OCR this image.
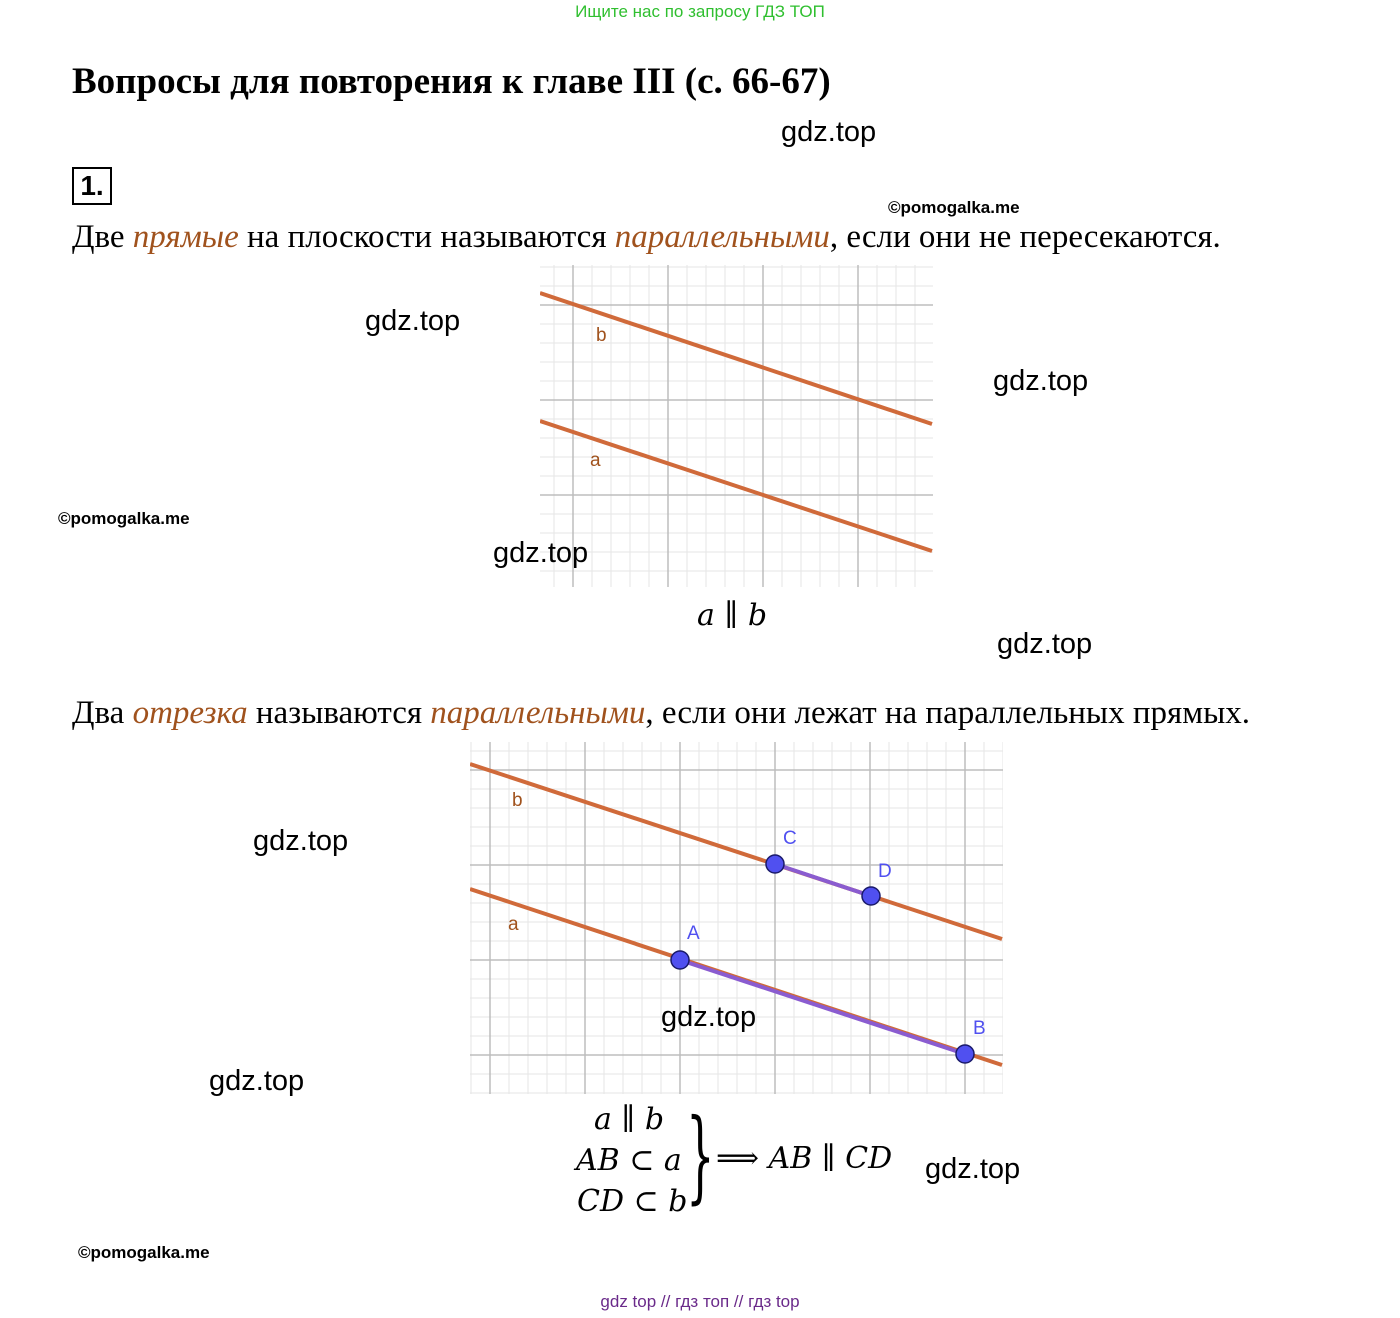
Ищите нас по запросу ГДЗ ТОП
Вопросы для повторения к главе III (с. 66-67)
gdz.top
1.
©pomogalka.me
Две прямые на плоскости называются параллельными, если они не пересекаются.
b
a
gdz.top
gdz.top
©pomogalka.me
gdz.top
a ∥ b
gdz.top
Два отрезка называются параллельными, если они лежат на параллельных прямых.
b
a
C
D
A
B
gdz.top
gdz.top
gdz.top
a ∥ b
AB ⊂ a
CD ⊂ b
} ⟹ AB ∥ CD gdz.top
©pomogalka.me
gdz top // гдз топ // гдз top
